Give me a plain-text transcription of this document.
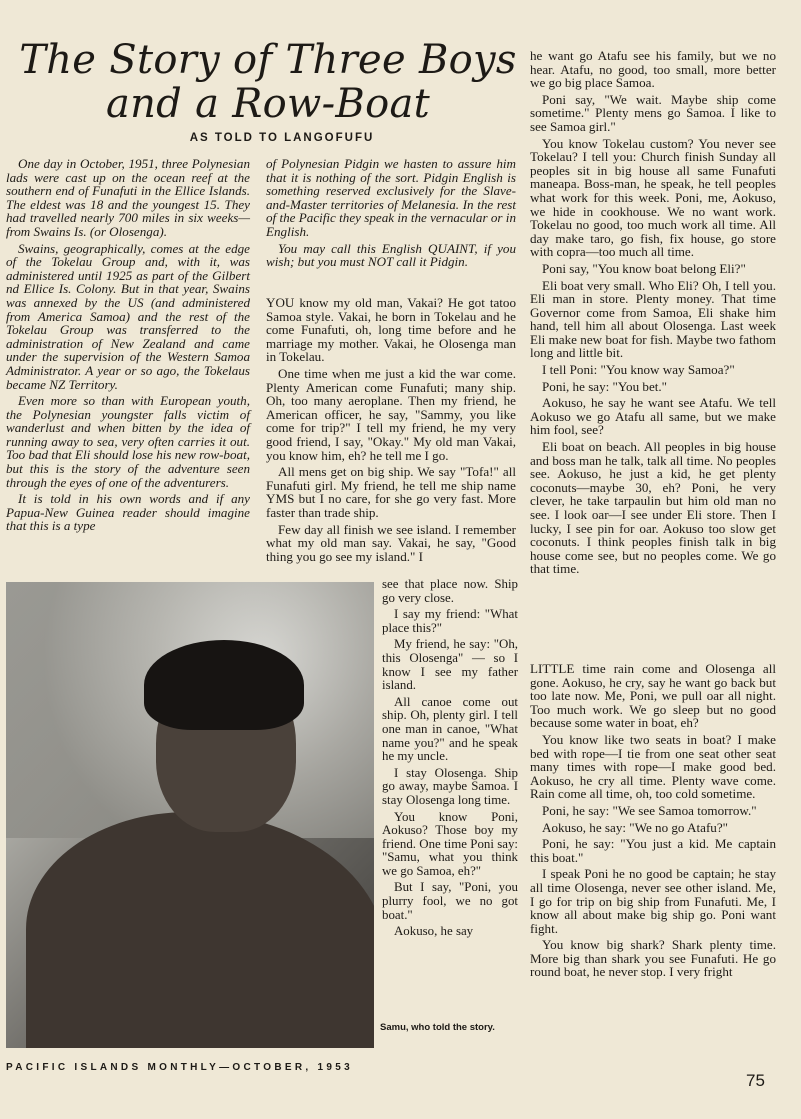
The Story of Three Boys and a Row-Boat
AS TOLD TO LANGOFUFU

One day in October, 1951, three Polynesian lads were cast up on the ocean reef at the southern end of Funafuti in the Ellice Islands. The eldest was 18 and the youngest 15. They had travelled nearly 700 miles in six weeks—from Swains Is. (or Olosenga).

Swains, geographically, comes at the edge of the Tokelau Group and, with it, was administered until 1925 as part of the Gilbert nd Ellice Is. Colony. But in that year, Swains was annexed by the US (and administered from America Samoa) and the rest of the Tokelau Group was transferred to the administration of New Zealand and came under the supervision of the Western Samoa Administrator. A year or so ago, the Tokelaus became NZ Territory.

Even more so than with European youth, the Polynesian youngster falls victim of wanderlust and when bitten by the idea of running away to sea, very often carries it out. Too bad that Eli should lose his new row-boat, but this is the story of the adventure seen through the eyes of one of the adventurers.

It is told in his own words and if any Papua-New Guinea reader should imagine that this is a type

of Polynesian Pidgin we hasten to assure him that it is nothing of the sort. Pidgin English is something reserved exclusively for the Slave-and-Master territories of Melanesia. In the rest of the Pacific they speak in the vernacular or in English.

You may call this English QUAINT, if you wish; but you must NOT call it Pidgin.

YOU know my old man, Vakai? He got tatoo Samoa style. Vakai, he born in Tokelau and he come Funafuti, oh, long time before and he marriage my mother. Vakai, he Olosenga man in Tokelau.

One time when me just a kid the war come. Plenty American come Funafuti; many ship. Oh, too many aeroplane. Then my friend, he American officer, he say, "Sammy, you like come for trip?" I tell my friend, he my very good friend, I say, "Okay." My old man Vakai, you know him, eh? he tell me I go.

All mens get on big ship. We say "Tofa!" all Funafuti girl. My friend, he tell me ship name YMS but I no care, for she go very fast. More faster than trade ship.

Few day all finish we see island. I remember what my old man say. Vakai, he say, "Good thing you go see my island." I

see that place now. Ship go very close.

I say my friend: "What place this?"

My friend, he say: "Oh, this Olosenga" — so I know I see my father island.

All canoe come out ship. Oh, plenty girl. I tell one man in canoe, "What name you?" and he speak he my uncle.

I stay Olosenga. Ship go away, maybe Samoa. I stay Olosenga long time.

You know Poni, Aokuso? Those boy my friend. One time Poni say: "Samu, what you think we go Samoa, eh?"

But I say, "Poni, you plurry fool, we no got boat."

Aokuso, he say

Samu, who told the story.

he want go Atafu see his family, but we no hear. Atafu, no good, too small, more better we go big place Samoa.

Poni say, "We wait. Maybe ship come sometime." Plenty mens go Samoa. I like to see Samoa girl."

You know Tokelau custom? You never see Tokelau? I tell you: Church finish Sunday all peoples sit in big house all same Funafuti maneapa. Boss-man, he speak, he tell peoples what work for this week. Poni, me, Aokuso, we hide in cookhouse. We no want work. Tokelau no good, too much work all time. All day make taro, go fish, fix house, go store with copra—too much all time.

Poni say, "You know boat belong Eli?"

Eli boat very small. Who Eli? Oh, I tell you. Eli man in store. Plenty money. That time Governor come from Samoa, Eli shake him hand, tell him all about Olosenga. Last week Eli make new boat for fish. Maybe two fathom long and little bit.

I tell Poni: "You know way Samoa?"

Poni, he say: "You bet."

Aokuso, he say he want see Atafu. We tell Aokuso we go Atafu all same, but we make him fool, see?

Eli boat on beach. All peoples in big house and boss man he talk, talk all time. No peoples see. Aokuso, he just a kid, he get plenty coconuts—maybe 30, eh? Poni, he very clever, he take tarpaulin but him old man no see. I look oar—I see under Eli store. Then I lucky, I see pin for oar. Aokuso too slow get coconuts. I think peoples finish talk in big house come see, but no peoples come. We go that time.

LITTLE time rain come and Olosenga all gone. Aokuso, he cry, say he want go back but too late now. Me, Poni, we pull oar all night. Too much work. We go sleep but no good because some water in boat, eh?

You know like two seats in boat? I make bed with rope—I tie from one seat other seat many times with rope—I make good bed. Aokuso, he cry all time. Plenty wave come. Rain come all time, oh, too cold sometime.

Poni, he say: "We see Samoa tomorrow."

Aokuso, he say: "We no go Atafu?"

Poni, he say: "You just a kid. Me captain this boat."

I speak Poni he no good be captain; he stay all time Olosenga, never see other island. Me, I go for trip on big ship from Funafuti. Me, I know all about make big ship go. Poni want fight.

You know big shark? Shark plenty time. More big than shark you see Funafuti. He go round boat, he never stop. I very fright

PACIFIC ISLANDS MONTHLY—OCTOBER, 1953
75
